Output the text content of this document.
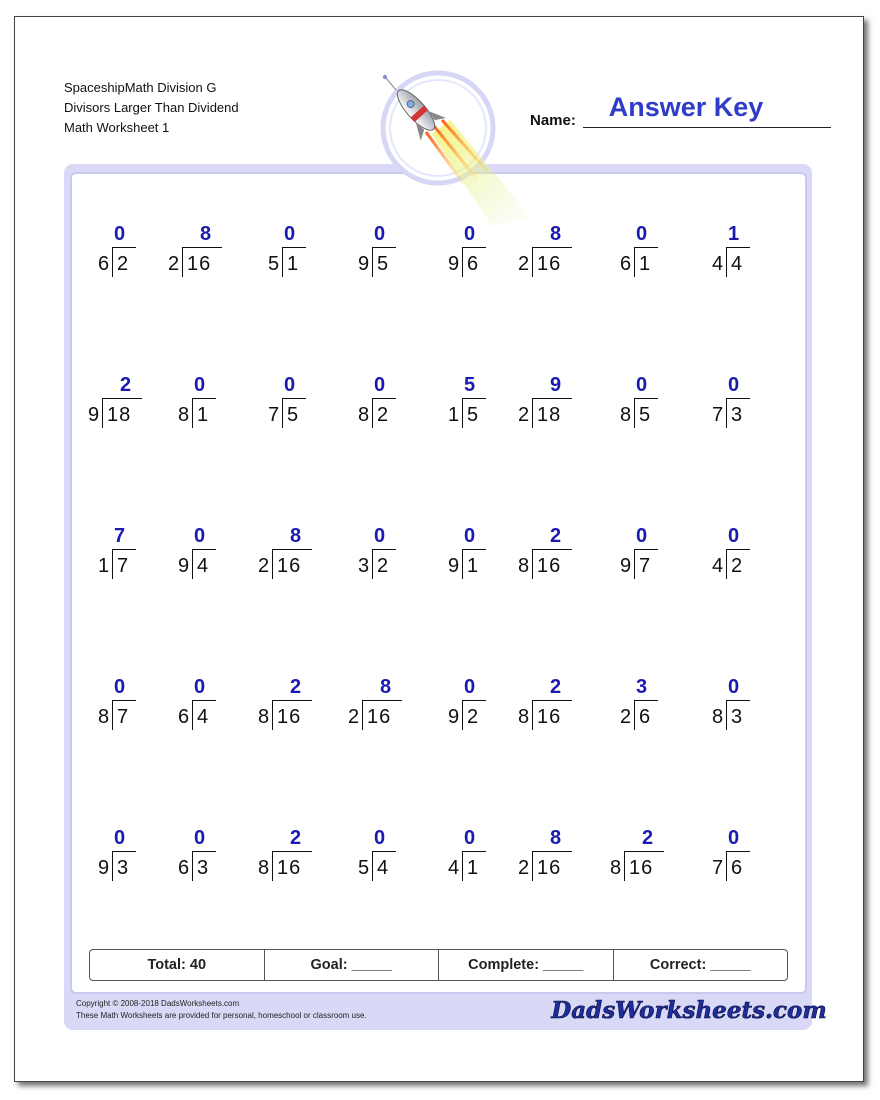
SpaceshipMath Division G
Divisors Larger Than Dividend
Math Worksheet 1	Name:	Answer Key
0
6 2
8
2 16
0
5 1
0
9 5
0
9 6
8
2 16
0
6 1
1
4 4
2
9 18
0
8 1
0
7 5
0
8 2
5
1 5
9
2 18
0
8 5
0
7 3
7
1 7
0
9 4
8
2 16
0
3 2
0
9 1
2
8 16
0
9 7
0
4 2
0
8 7
0
6 4
2
8 16
8
2 16
0
9 2
2
8 16
3
2 6
0
8 3
0
9 3
0
6 3
2
8 16
0
5 4
0
4 1
8
2 16
2
8 16
0
7 6
Total: 40	Goal: _____	Complete: _____	Correct: _____
Copyright © 2008-2018 DadsWorksheets.com
These Math Worksheets are provided for personal, homeschool or classroom use.	DadsWorksheets.com
